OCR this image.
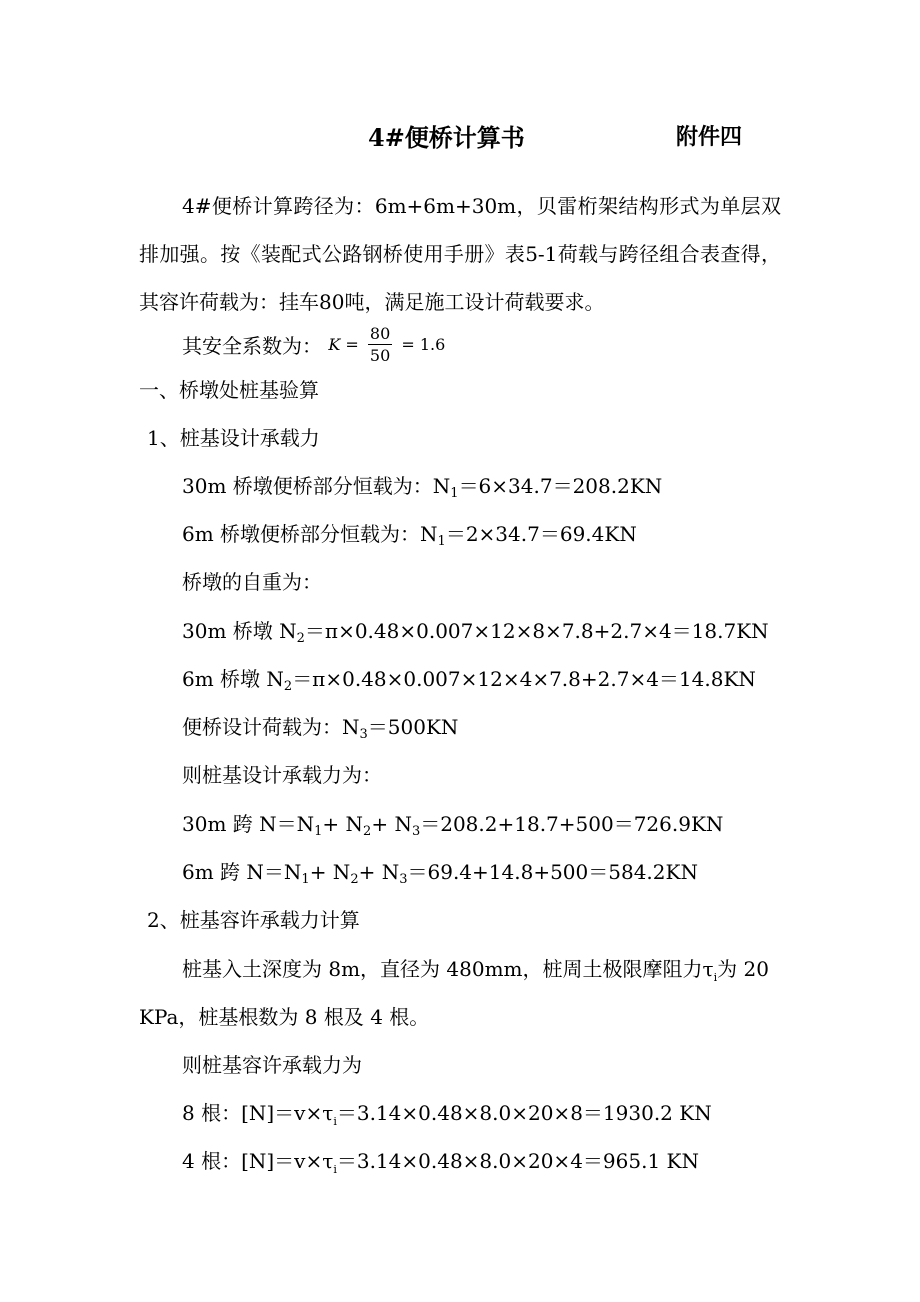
4#便桥计算书	附件四
4#便桥计算跨径为：6m+6m+30m，贝雷桁架结构形式为单层双排加强。按《装配式公路钢桥使用手册》表5-1荷载与跨径组合表查得，其容许荷载为：挂车80吨，满足施工设计荷载要求。
其安全系数为： $K = \frac{80}{50} = 1.6$
一、桥墩处桩基验算
1、桩基设计承载力
30m 桥墩便桥部分恒载为：$N_1=6\times 34.7=208.2KN$
6m 桥墩便桥部分恒载为：$N_1=2\times 34.7=69.4KN$
桥墩的自重为：
30m 桥墩 $N_2=\pi\times 0.48\times 0.007\times 12\times 8\times 7.8+2.7\times 4=18.7KN$
6m 桥墩 $N_2=\pi\times 0.48\times 0.007\times 12\times 4\times 7.8+2.7\times 4=14.8KN$
便桥设计荷载为：$N_3=500KN$
则桩基设计承载力为：
30m 跨 $N=N_1+ N_2+ N_3=208.2+18.7+500=726.9KN$
6m 跨 $N=N_1+ N_2+ N_3=69.4+14.8+500=584.2KN$
2、桩基容许承载力计算
桩基入土深度为 8m，直径为 480mm，桩周土极限摩阻力$\tau_i$为 20
KPa，桩基根数为 8 根及 4 根。
则桩基容许承载力为
8 根：$[N]=v\times\tau_i=3.14\times 0.48\times 8.0\times 20\times 8=1930.2$ KN
4 根：$[N]=v\times\tau_i=3.14\times 0.48\times 8.0\times 20\times 4=965.1$ KN
